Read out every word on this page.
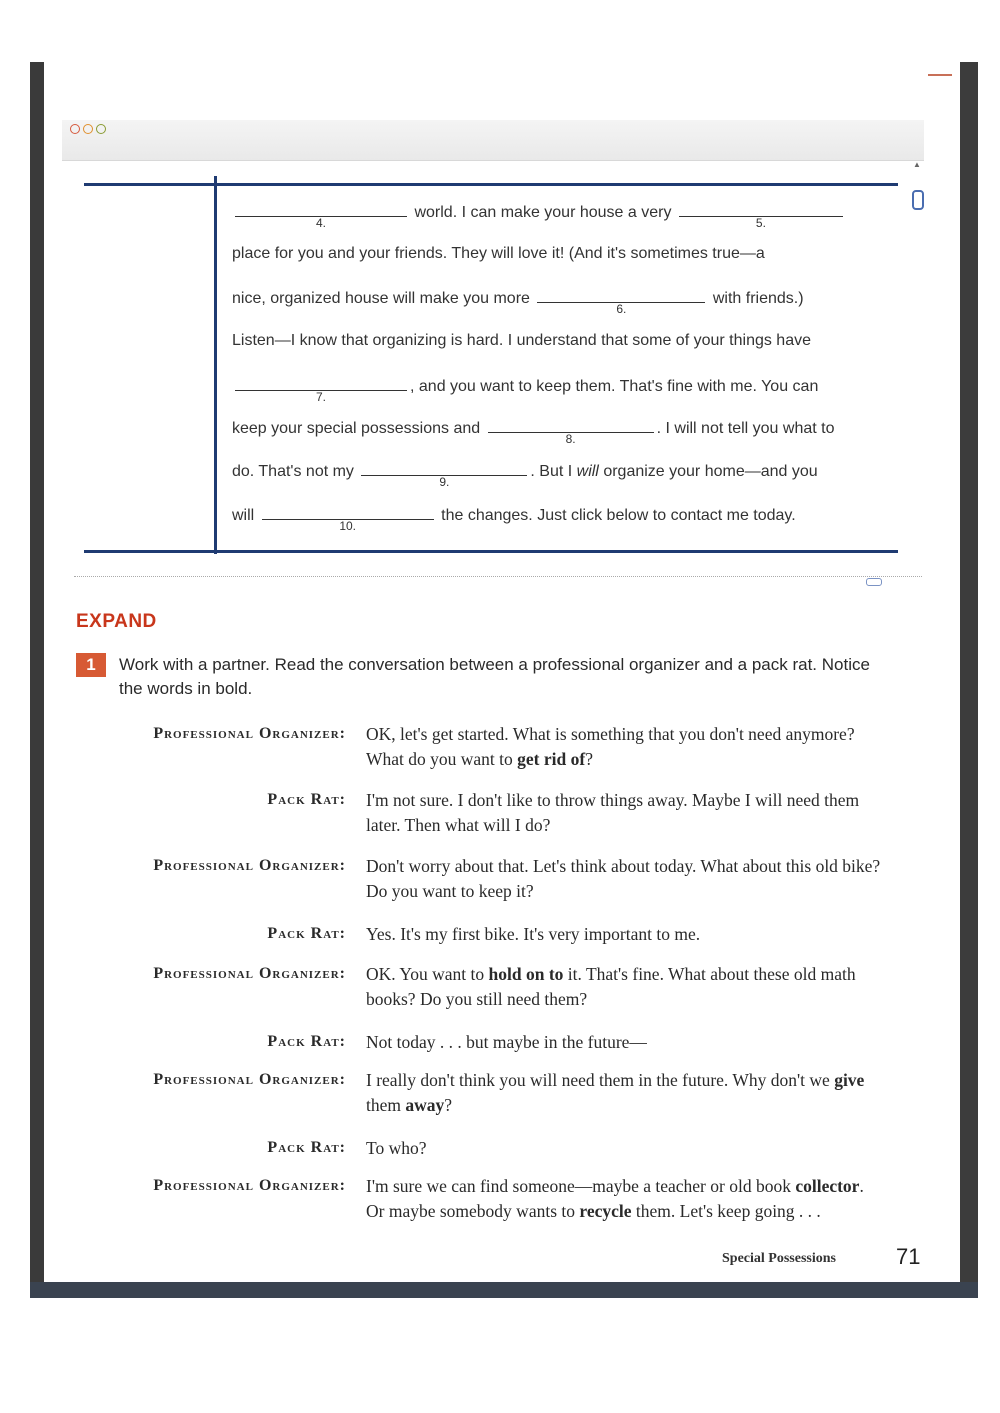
▲
4.
world. I can make your house a very
5.
place for you and your friends. They will love it! (And it's sometimes true—a
nice, organized house will make you more
6.
with friends.)
Listen—I know that organizing is hard. I understand that some of your things have
7.
, and you want to keep them. That's fine with me. You can
keep your special possessions and
8.
. I will not tell you what to
do. That's not my
9.
. But I will organize your home—and you
will
10.
the changes. Just click below to contact me today.
EXPAND
1	Work with a partner. Read the conversation between a professional organizer and a pack rat. Notice the words in bold.
Professional Organizer: OK, let's get started. What is something that you don't need anymore? What do you want to get rid of?
Pack Rat: I'm not sure. I don't like to throw things away. Maybe I will need them later. Then what will I do?
Professional Organizer: Don't worry about that. Let's think about today. What about this old bike? Do you want to keep it?
Pack Rat: Yes. It's my first bike. It's very important to me.
Professional Organizer: OK. You want to hold on to it. That's fine. What about these old math books? Do you still need them?
Pack Rat: Not today . . . but maybe in the future—
Professional Organizer: I really don't think you will need them in the future. Why don't we give them away?
Pack Rat: To who?
Professional Organizer: I'm sure we can find someone—maybe a teacher or old book collector. Or maybe somebody wants to recycle them. Let's keep going . . .
Special Possessions	71
